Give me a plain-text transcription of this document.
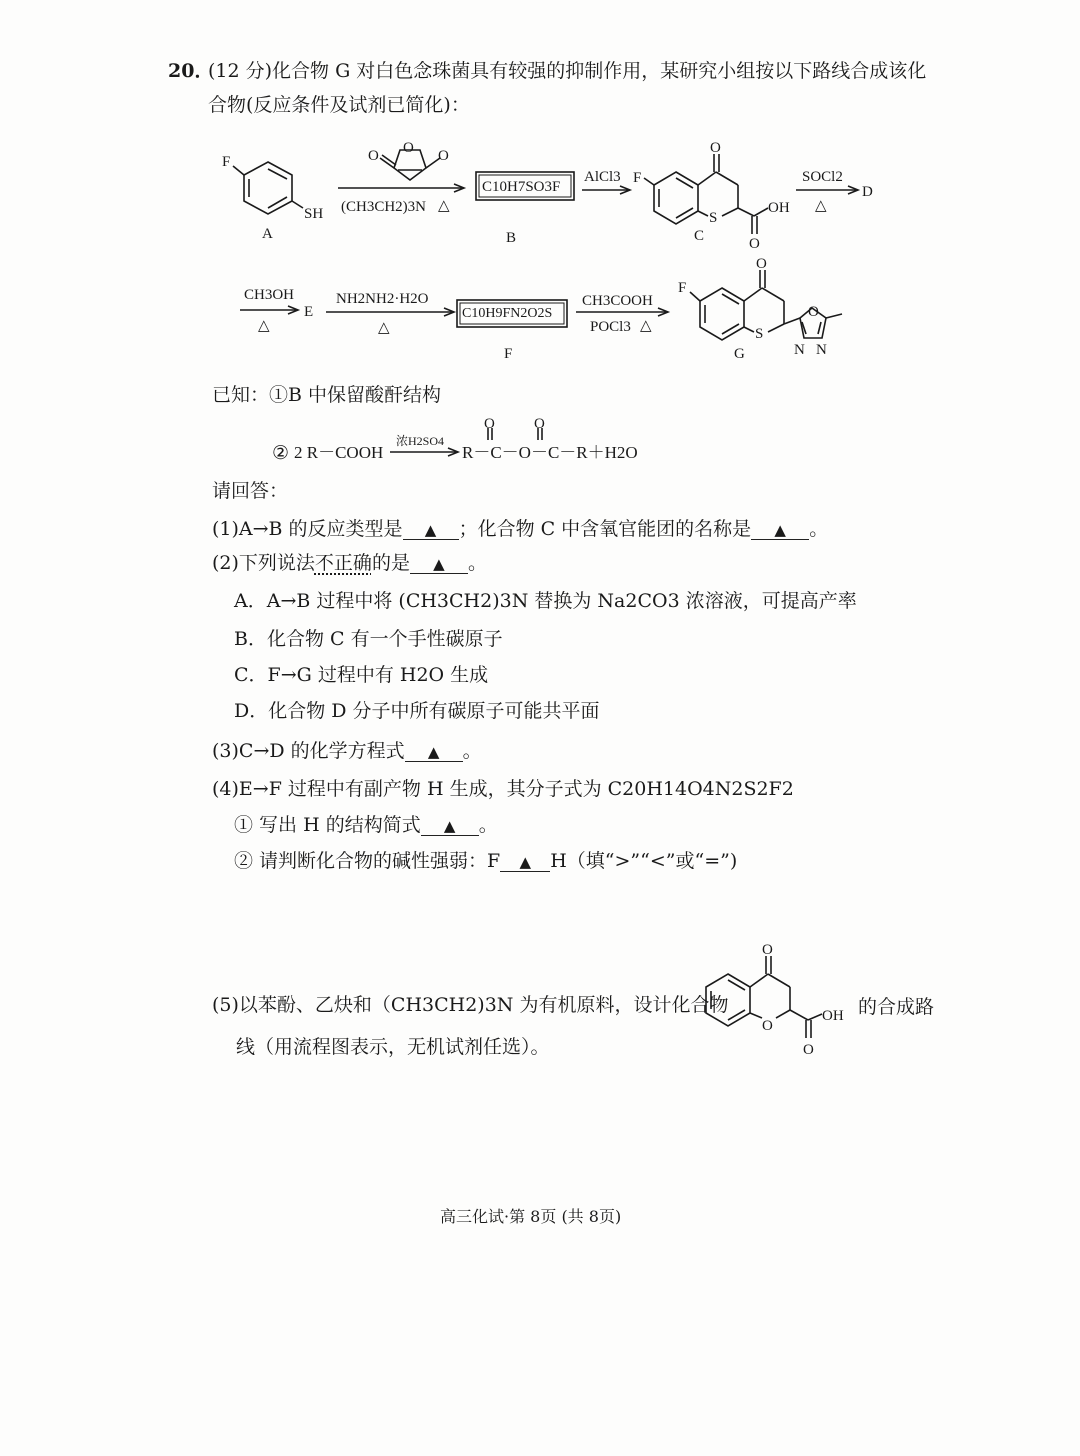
20．
(12 分)化合物 G 对白色念珠菌具有较强的抑制作用，某研究小组按以下路线合成该化
合物(反应条件及试剂已简化)：
F
SH
O O O
F
O
S
OH
O
F
O
S
O
N N
O
O
OH
O
O	O
A	B	C
D
E
F	G
△	△
△	△	△
(CH3CH2)3N
C10H7SO3F
AlCl3	SOCl2
CH3OH	NH2NH2·H2O
C10H9FN2O2S
CH3COOH
POCl3
已知：①B 中保留酸酐结构
② 2 R－COOH
浓H2SO4
R－C－O－C－R＋H2O
请回答：
(1)A→B 的反应类型是 ▲ ；化合物 C 中含氧官能团的名称是 ▲ 。
(2)下列说法不正确的是 ▲ 。
A．A→B 过程中将 (CH3CH2)3N 替换为 Na2CO3 浓溶液，可提高产率
B．化合物 C 有一个手性碳原子
C．F→G 过程中有 H2O 生成
D．化合物 D 分子中所有碳原子可能共平面
(3)C→D 的化学方程式 ▲ 。
(4)E→F 过程中有副产物 H 生成，其分子式为 C20H14O4N2S2F2
① 写出 H 的结构简式 ▲ 。
② 请判断化合物的碱性强弱：F ▲ H（填“>”“<”或“=”)
(5)以苯酚、乙炔和（CH3CH2)3N 为有机原料，设计化合物	的合成路
线（用流程图表示，无机试剂任选）。
高三化试·第 8页 (共 8页)
